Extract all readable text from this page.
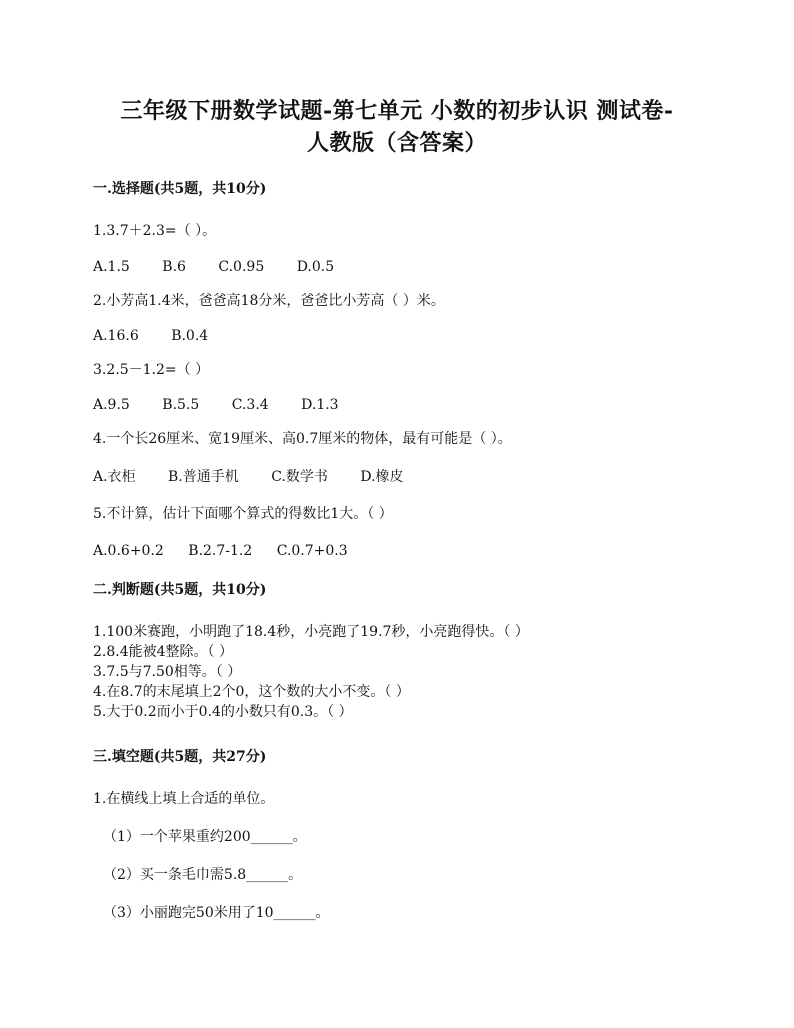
三年级下册数学试题-第七单元 小数的初步认识 测试卷-
人教版（含答案）
一.选择题(共5题，共10分)
1.3.7＋2.3=（ ）。
A.1.5 B.6 C.0.95 D.0.5
2.小芳高1.4米，爸爸高18分米，爸爸比小芳高（ ）米。
A.16.6 B.0.4
3.2.5－1.2=（ ）
A.9.5 B.5.5 C.3.4 D.1.3
4.一个长26厘米、宽19厘米、高0.7厘米的物体，最有可能是（ ）。
A.衣柜 B.普通手机 C.数学书 D.橡皮
5.不计算，估计下面哪个算式的得数比1大。（ ）
A.0.6+0.2 B.2.7-1.2 C.0.7+0.3
二.判断题(共5题，共10分)
1.100米赛跑，小明跑了18.4秒，小亮跑了19.7秒，小亮跑得快。（ ）
2.8.4能被4整除。（ ）
3.7.5与7.50相等。（ ）
4.在8.7的末尾填上2个0，这个数的大小不变。（ ）
5.大于0.2而小于0.4的小数只有0.3。（ ）
三.填空题(共5题，共27分)
1.在横线上填上合适的单位。
（1）一个苹果重约200______。
（2）买一条毛巾需5.8______。
（3）小丽跑完50米用了10______。
